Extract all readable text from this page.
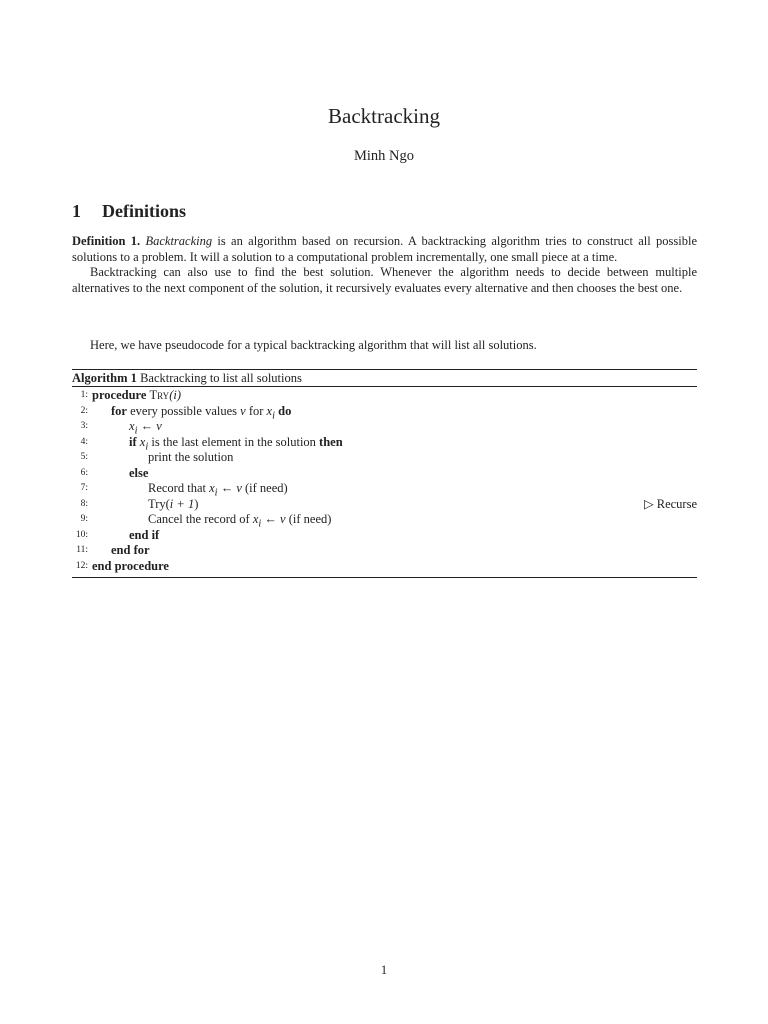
Backtracking
Minh Ngo
1 Definitions
Definition 1. Backtracking is an algorithm based on recursion. A backtracking algorithm tries to construct all possible solutions to a problem. It will a solution to a computational problem incrementally, one small piece at a time.
Backtracking can also use to find the best solution. Whenever the algorithm needs to decide between multiple alternatives to the next component of the solution, it recursively evaluates every alternative and then chooses the best one.
Here, we have pseudocode for a typical backtracking algorithm that will list all solutions.
Algorithm 1 Backtracking to list all solutions
1: procedure Try(i)
2:	for every possible values v for $x_i$ do
3:	$x_i$ ← v
4:	if $x_i$ is the last element in the solution then
5:	print the solution
6:	else
7:	Record that $x_i$ ← v (if need)
8:	Try(i + 1)	▷ Recurse
9:	Cancel the record of $x_i$ ← v (if need)
10:	end if
11:	end for
12: end procedure
1
